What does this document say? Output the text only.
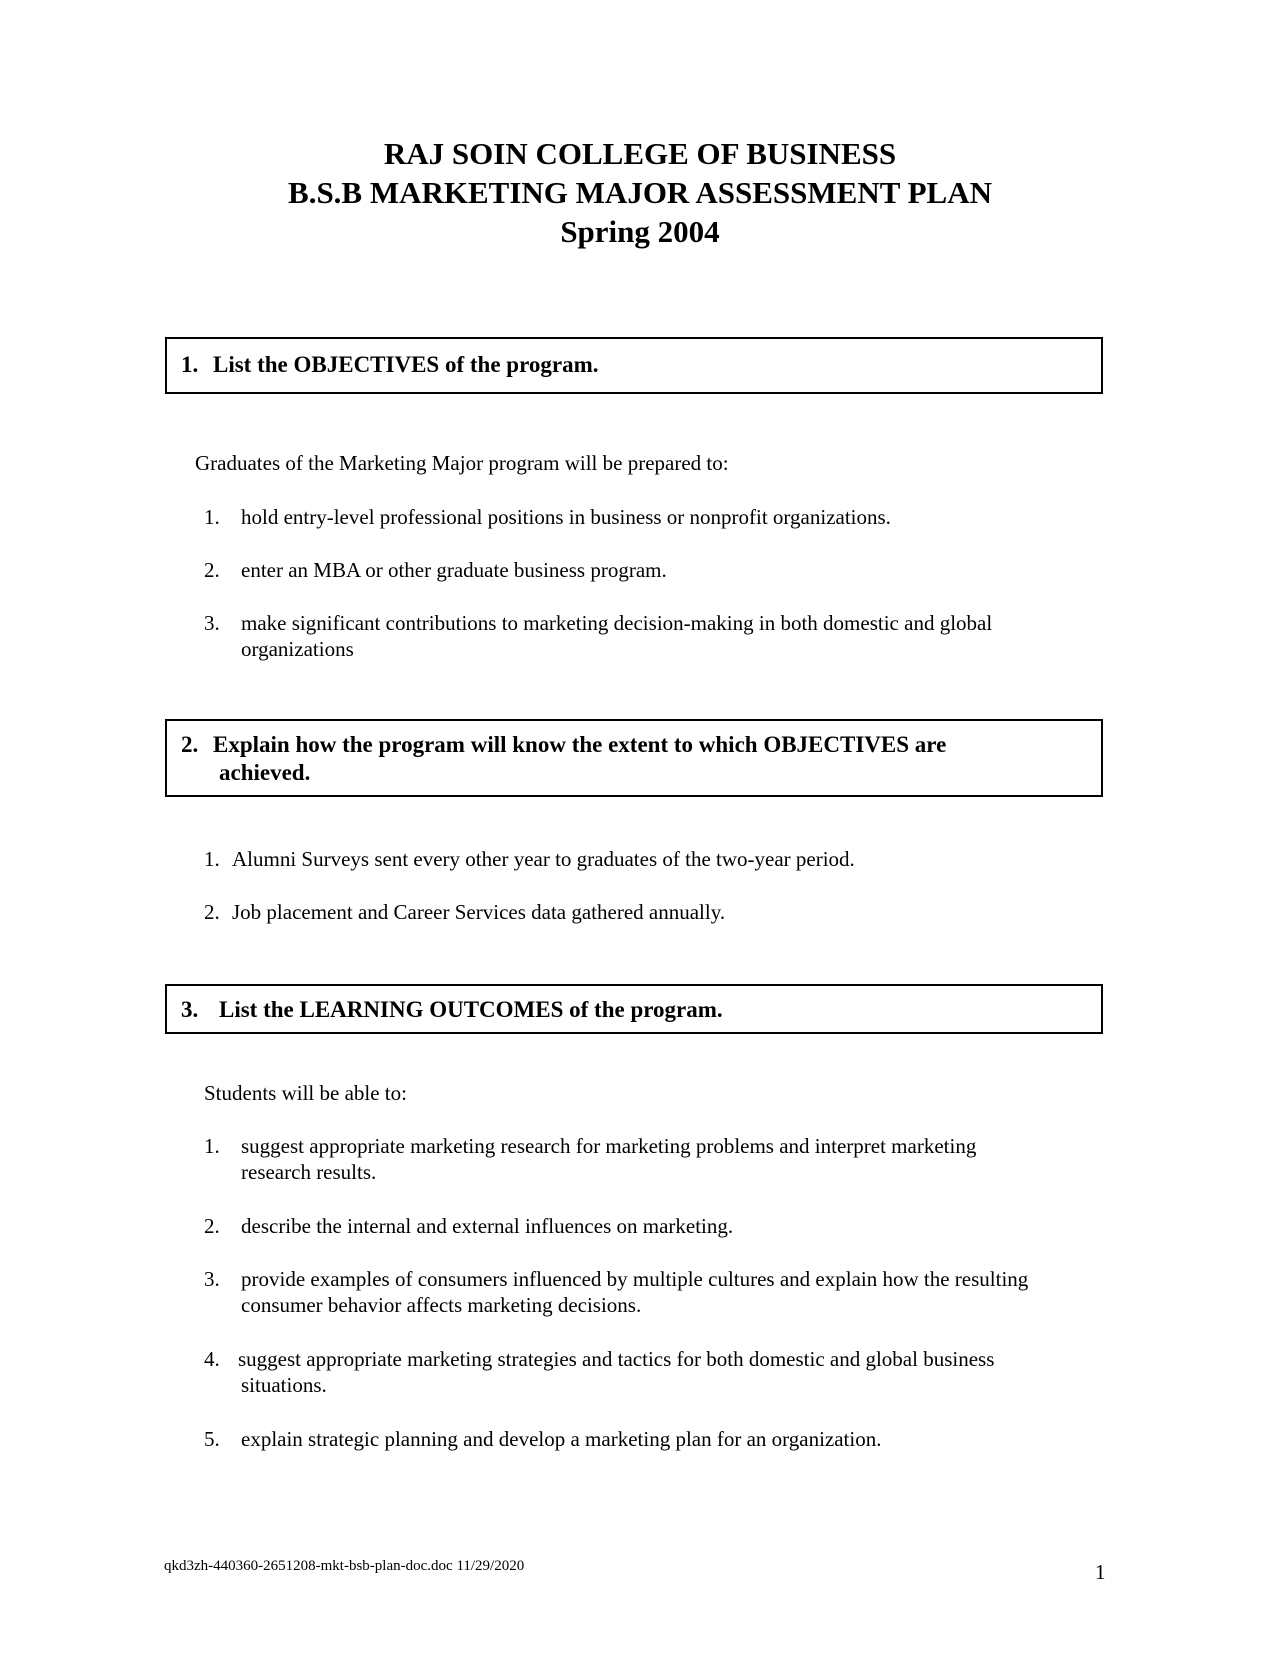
RAJ SOIN COLLEGE OF BUSINESS
B.S.B MARKETING MAJOR ASSESSMENT PLAN
Spring 2004
1. List the OBJECTIVES of the program.
Graduates of the Marketing Major program will be prepared to:
1. hold entry-level professional positions in business or nonprofit organizations.
2. enter an MBA or other graduate business program.
3. make significant contributions to marketing decision-making in both domestic and global
organizations
2. Explain how the program will know the extent to which OBJECTIVES are
achieved.
1. Alumni Surveys sent every other year to graduates of the two-year period.
2. Job placement and Career Services data gathered annually.
3. List the LEARNING OUTCOMES of the program.
Students will be able to:
1. suggest appropriate marketing research for marketing problems and interpret marketing
research results.
2. describe the internal and external influences on marketing.
3. provide examples of consumers influenced by multiple cultures and explain how the resulting
consumer behavior affects marketing decisions.
4. suggest appropriate marketing strategies and tactics for both domestic and global business
situations.
5. explain strategic planning and develop a marketing plan for an organization.
qkd3zh-440360-2651208-mkt-bsb-plan-doc.doc 11/29/2020	1
